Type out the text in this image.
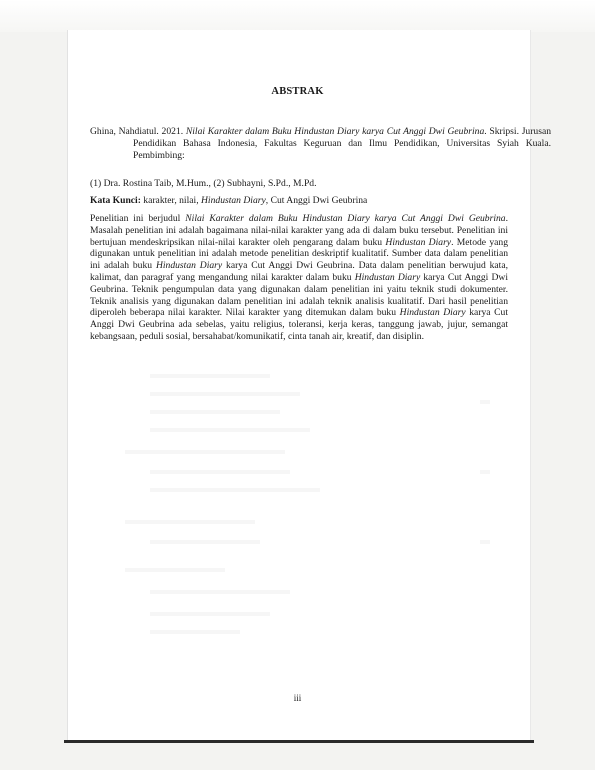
ABSTRAK
Ghina, Nahdiatul. 2021. Nilai Karakter dalam Buku Hindustan Diary karya Cut Anggi Dwi Geubrina. Skripsi. Jurusan Pendidikan Bahasa Indonesia, Fakultas Keguruan dan Ilmu Pendidikan, Universitas Syiah Kuala. Pembimbing:
(1) Dra. Rostina Taib, M.Hum., (2) Subhayni, S.Pd., M.Pd.
Kata Kunci: karakter, nilai, Hindustan Diary, Cut Anggi Dwi Geubrina
Penelitian ini berjudul Nilai Karakter dalam Buku Hindustan Diary karya Cut Anggi Dwi Geubrina. Masalah penelitian ini adalah bagaimana nilai-nilai karakter yang ada di dalam buku tersebut. Penelitian ini bertujuan mendeskripsikan nilai-nilai karakter oleh pengarang dalam buku Hindustan Diary. Metode yang digunakan untuk penelitian ini adalah metode penelitian deskriptif kualitatif. Sumber data dalam penelitian ini adalah buku Hindustan Diary karya Cut Anggi Dwi Geubrina. Data dalam penelitian berwujud kata, kalimat, dan paragraf yang mengandung nilai karakter dalam buku Hindustan Diary karya Cut Anggi Dwi Geubrina. Teknik pengumpulan data yang digunakan dalam penelitian ini yaitu teknik studi dokumenter. Teknik analisis yang digunakan dalam penelitian ini adalah teknik analisis kualitatif. Dari hasil penelitian diperoleh beberapa nilai karakter. Nilai karakter yang ditemukan dalam buku Hindustan Diary karya Cut Anggi Dwi Geubrina ada sebelas, yaitu religius, toleransi, kerja keras, tanggung jawab, jujur, semangat kebangsaan, peduli sosial, bersahabat/komunikatif, cinta tanah air, kreatif, dan disiplin.
iii
